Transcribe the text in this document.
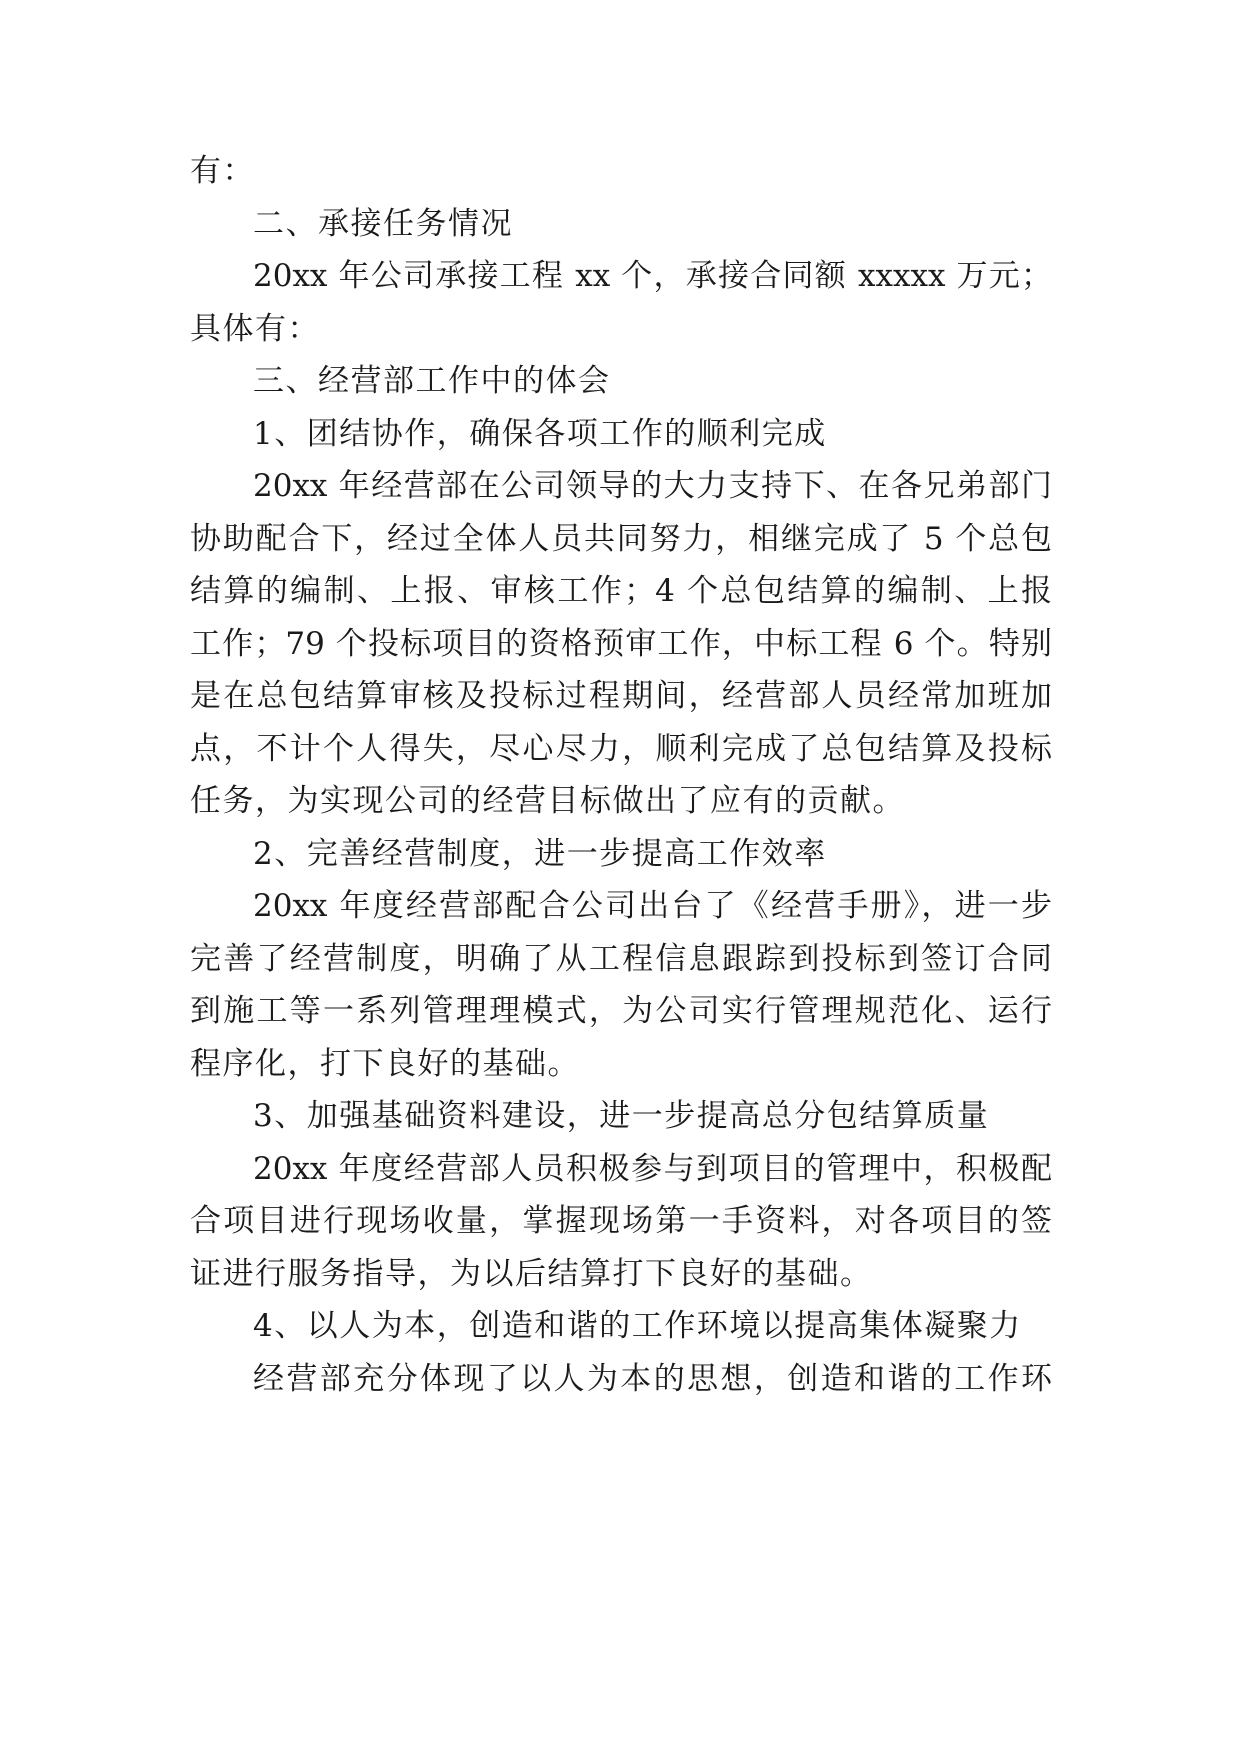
有：
二、承接任务情况
20xx 年公司承接工程 xx 个，承接合同额 xxxxx 万元；
具体有：
三、经营部工作中的体会
1、团结协作，确保各项工作的顺利完成
20xx 年经营部在公司领导的大力支持下、在各兄弟部门
协助配合下，经过全体人员共同努力，相继完成了 5 个总包
结算的编制、上报、审核工作；4 个总包结算的编制、上报
工作；79 个投标项目的资格预审工作，中标工程 6 个。特别
是在总包结算审核及投标过程期间，经营部人员经常加班加
点，不计个人得失，尽心尽力，顺利完成了总包结算及投标
任务，为实现公司的经营目标做出了应有的贡献。
2、完善经营制度，进一步提高工作效率
20xx 年度经营部配合公司出台了《经营手册》，进一步
完善了经营制度，明确了从工程信息跟踪到投标到签订合同
到施工等一系列管理理模式，为公司实行管理规范化、运行
程序化，打下良好的基础。
3、加强基础资料建设，进一步提高总分包结算质量
20xx 年度经营部人员积极参与到项目的管理中，积极配
合项目进行现场收量，掌握现场第一手资料，对各项目的签
证进行服务指导，为以后结算打下良好的基础。
4、以人为本，创造和谐的工作环境以提高集体凝聚力
经营部充分体现了以人为本的思想，创造和谐的工作环
